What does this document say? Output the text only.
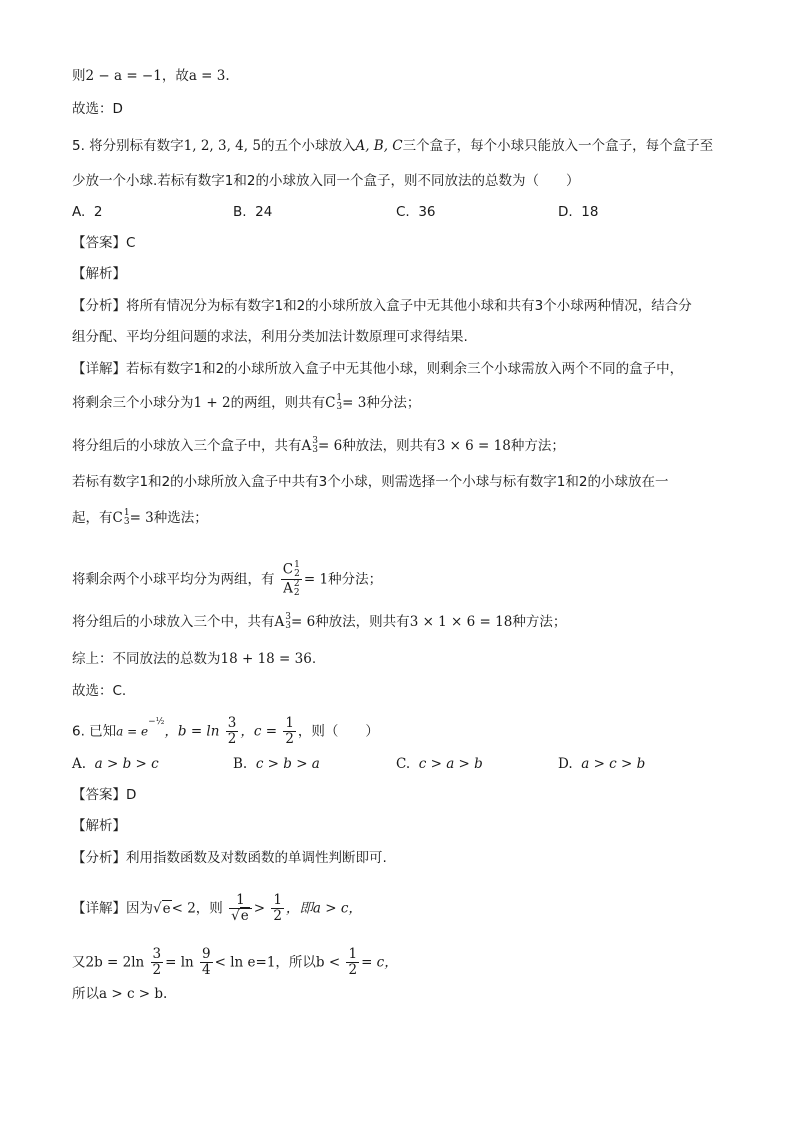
则2 − a = −1，故a = 3.
故选：D
5. 将分别标有数字1, 2, 3, 4, 5的五个小球放入A, B, C三个盒子，每个小球只能放入一个盒子，每个盒子至
少放一个小球.若标有数字1和2的小球放入同一个盒子，则不同放法的总数为（　　）
A. 2	B. 24	C. 36	D. 18
【答案】C
【解析】
【分析】将所有情况分为标有数字1和2的小球所放入盒子中无其他小球和共有3个小球两种情况，结合分
组分配、平均分组问题的求法，利用分类加法计数原理可求得结果.
【详解】若标有数字1和2的小球所放入盒子中无其他小球，则剩余三个小球需放入两个不同的盒子中，
将剩余三个小球分为1 + 2的两组，则共有C 1
3 = 3种分法；
将分组后的小球放入三个盒子中，共有A 3
3 = 6种放法，则共有3 × 6 = 18种方法；
若标有数字1和2的小球所放入盒子中共有3个小球，则需选择一个小球与标有数字1和2的小球放在一
起，有C 1
3 = 3种选法；
将剩余两个小球平均分为两组，有 C 1
2
A 2
2 = 1种分法；
将分组后的小球放入三个中，共有A 3
3 = 6种放法，则共有3 × 1 × 6 = 18种方法；
综上：不同放法的总数为18 + 18 = 36.
故选：C.
6. 已知$a = e^{-\frac{1}{2}}$，$b = \ln \frac{3}{2}$ ，$c = \frac{1}{2}$ ，则（　　）
A. a > b > c	B. c > b > a	C. c > a > b	D. a > c > b
【答案】D
【解析】
【分析】利用指数函数及对数函数的单调性判断即可.
【详解】因为√e< 2，则 $\frac{1}{√e} > \frac{1}{2}$ ，即a > c，
又$2b = 2\ln \frac{3}{2} = \ln \frac{9}{4} < \ln e=1$，所以$b < \frac{1}{2} = c$，
所以a > c > b.
